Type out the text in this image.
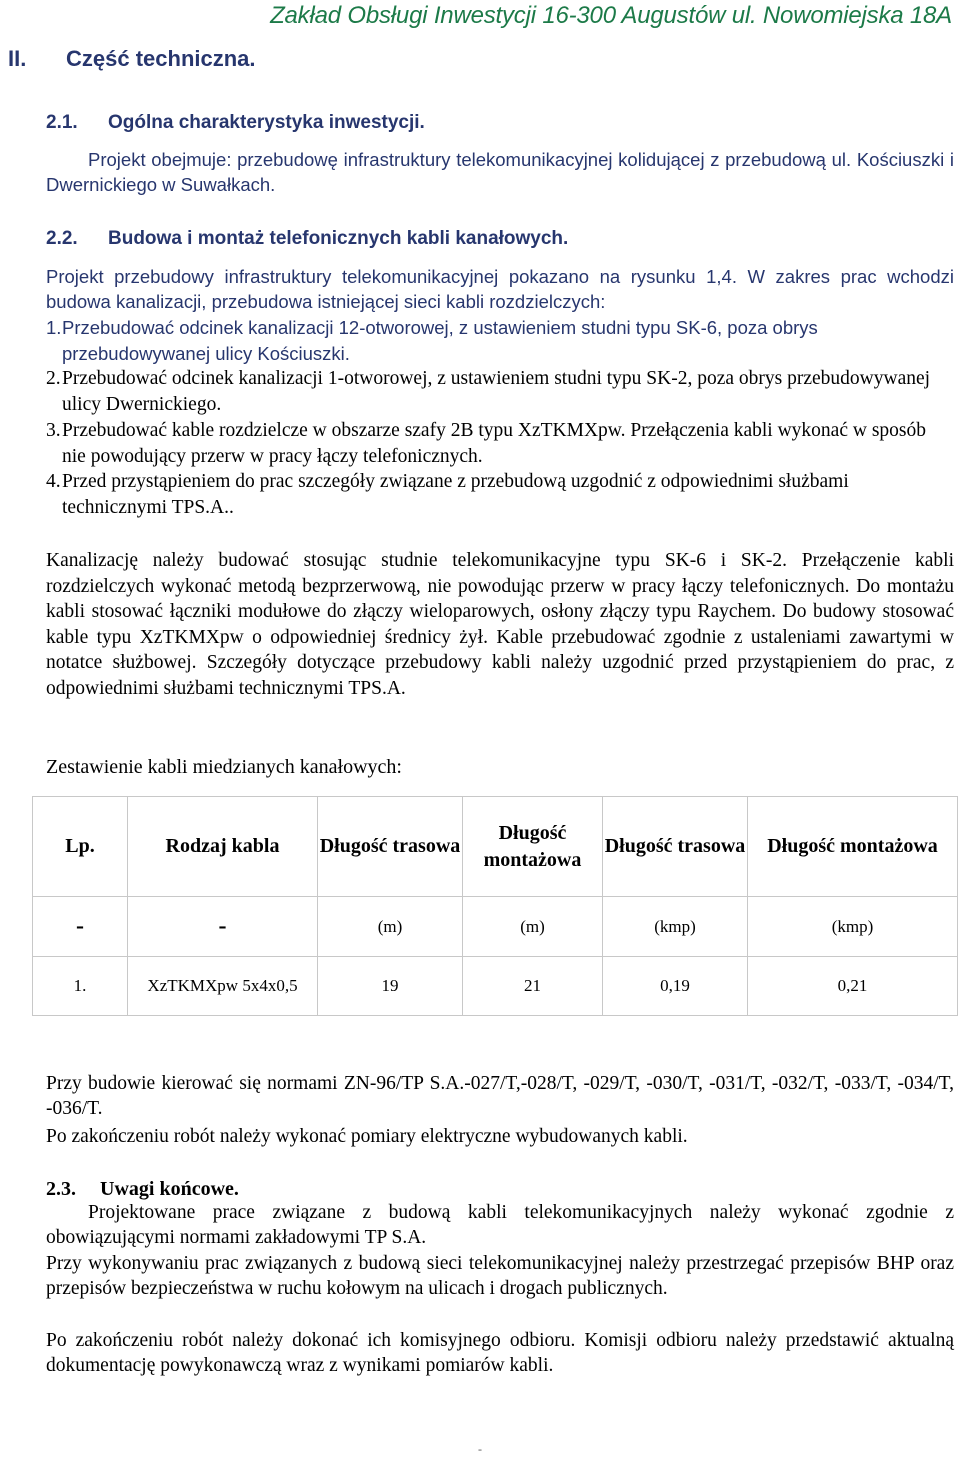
Zakład Obsługi Inwestycji 16-300 Augustów ul. Nowomiejska 18A
II. Część techniczna.
2.1. Ogólna charakterystyka inwestycji.
Projekt obejmuje: przebudowę infrastruktury telekomunikacyjnej kolidującej z przebudową ul. Kościuszki i Dwernickiego w Suwałkach.
2.2. Budowa i montaż telefonicznych kabli kanałowych.
Projekt przebudowy infrastruktury telekomunikacyjnej pokazano na rysunku 1,4. W zakres prac wchodzi budowa kanalizacji, przebudowa istniejącej sieci kabli rozdzielczych:
1. Przebudować odcinek kanalizacji 12-otworowej, z ustawieniem studni typu SK-6, poza obrys przebudowywanej ulicy Kościuszki.
2. Przebudować odcinek kanalizacji 1-otworowej, z ustawieniem studni typu SK-2, poza obrys przebudowywanej ulicy Dwernickiego.
3. Przebudować kable rozdzielcze w obszarze szafy 2B typu XzTKMXpw. Przełączenia kabli wykonać w sposób nie powodujący przerw w pracy łączy telefonicznych.
4. Przed przystąpieniem do prac szczegóły związane z przebudową uzgodnić z odpowiednimi służbami technicznymi TPS.A..
Kanalizację należy budować stosując studnie telekomunikacyjne typu SK-6 i SK-2. Przełączenie kabli rozdzielczych wykonać metodą bezprzerwową, nie powodując przerw w pracy łączy telefonicznych. Do montażu kabli stosować łączniki modułowe do złączy wieloparowych, osłony złączy typu Raychem. Do budowy stosować kable typu XzTKMXpw o odpowiedniej średnicy żył. Kable przebudować zgodnie z ustaleniami zawartymi w notatce służbowej. Szczegóły dotyczące przebudowy kabli należy uzgodnić przed przystąpieniem do prac, z odpowiednimi służbami technicznymi TPS.A.
Zestawienie kabli miedzianych kanałowych:
Lp.	Rodzaj kabla	Długość trasowa	Długość montażowa	Długość trasowa	Długość montażowa
-	-	(m)	(m)	(kmp)	(kmp)
1.	XzTKMXpw 5x4x0,5	19	21	0,19	0,21
Przy budowie kierować się normami ZN-96/TP S.A.-027/T,-028/T, -029/T, -030/T, -031/T, -032/T, -033/T, -034/T, -036/T.
Po zakończeniu robót należy wykonać pomiary elektryczne wybudowanych kabli.
2.3. Uwagi końcowe.
Projektowane prace związane z budową kabli telekomunikacyjnych należy wykonać zgodnie z obowiązującymi normami zakładowymi TP S.A.
Przy wykonywaniu prac związanych z budową sieci telekomunikacyjnej należy przestrzegać przepisów BHP oraz przepisów bezpieczeństwa w ruchu kołowym na ulicach i drogach publicznych.
Po zakończeniu robót należy dokonać ich komisyjnego odbioru. Komisji odbioru należy przedstawić aktualną dokumentację powykonawczą wraz z wynikami pomiarów kabli.
-
